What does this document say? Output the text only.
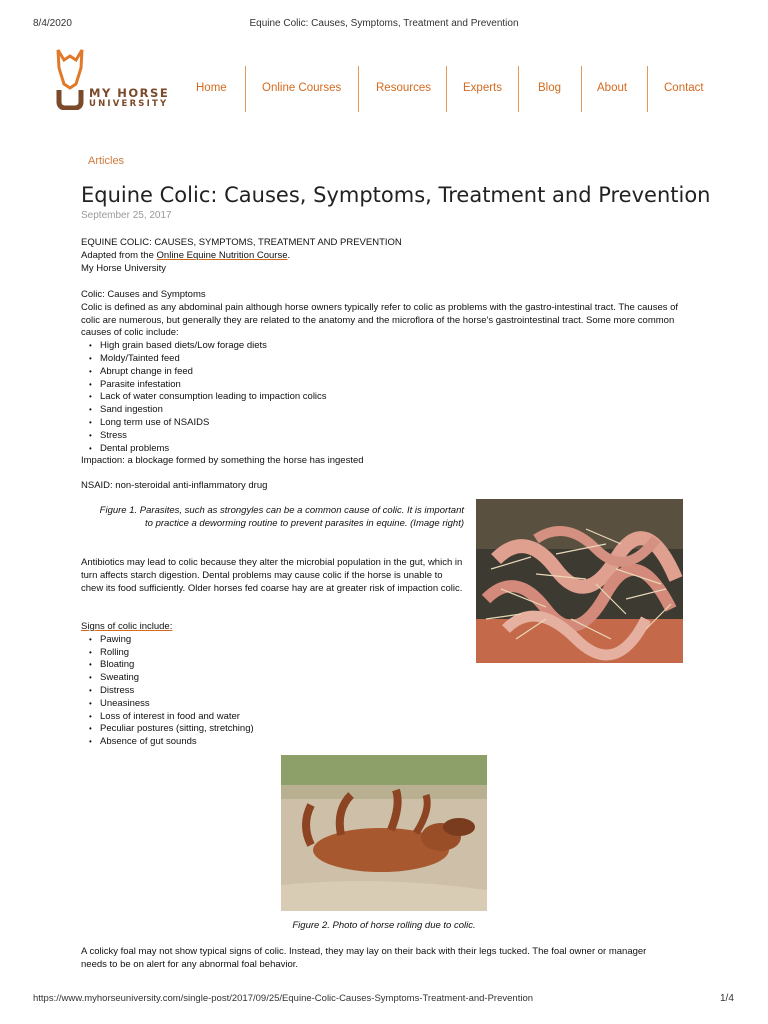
8/4/2020	Equine Colic: Causes, Symptoms, Treatment and Prevention
MY HORSE
UNIVERSITY
Home	Online Courses	Resources	Experts	Blog	About	Contact
Articles
Equine Colic: Causes, Symptoms, Treatment and Prevention
September 25, 2017
EQUINE COLIC: CAUSES, SYMPTOMS, TREATMENT AND PREVENTION
Adapted from the Online Equine Nutrition Course.
My Horse University
Colic: Causes and Symptoms
Colic is defined as any abdominal pain although horse owners typically refer to colic as problems with the gastro-intestinal tract. The causes of colic are numerous, but generally they are related to the anatomy and the microflora of the horse's gastrointestinal tract. Some more common causes of colic include:
• High grain based diets/Low forage diets
• Moldy/Tainted feed
• Abrupt change in feed
• Parasite infestation
• Lack of water consumption leading to impaction colics
• Sand ingestion
• Long term use of NSAIDS
• Stress
• Dental problems
Impaction: a blockage formed by something the horse has ingested
NSAID: non-steroidal anti-inflammatory drug
Figure 1. Parasites, such as strongyles can be a common cause of colic. It is important to practice a deworming routine to prevent parasites in equine. (Image right)
Antibiotics may lead to colic because they alter the microbial population in the gut, which in turn affects starch digestion. Dental problems may cause colic if the horse is unable to chew its food sufficiently. Older horses fed coarse hay are at greater risk of impaction colic.
Signs of colic include:
• Pawing
• Rolling
• Bloating
• Sweating
• Distress
• Uneasiness
• Loss of interest in food and water
• Peculiar postures (sitting, stretching)
• Absence of gut sounds
Figure 2. Photo of horse rolling due to colic.
A colicky foal may not show typical signs of colic. Instead, they may lay on their back with their legs tucked. The foal owner or manager needs to be on alert for any abnormal foal behavior.
https://www.myhorseuniversity.com/single-post/2017/09/25/Equine-Colic-Causes-Symptoms-Treatment-and-Prevention	1/4
